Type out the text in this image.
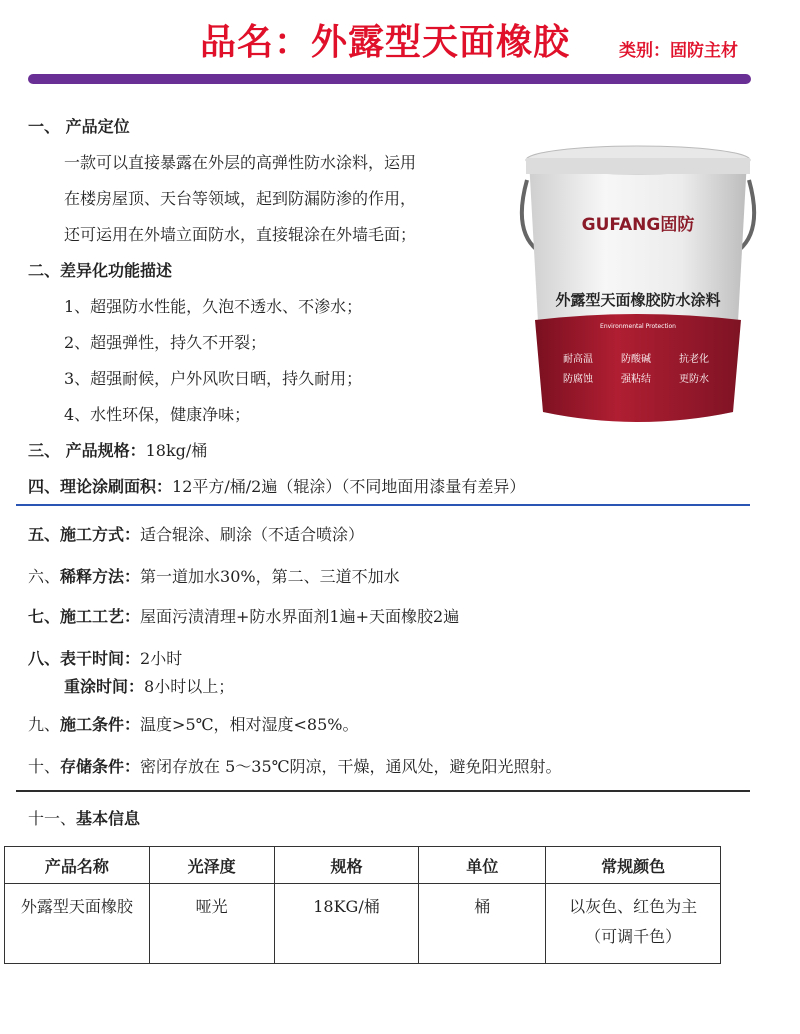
品名：外露型天面橡胶	类别：固防主材
一、 产品定位
一款可以直接暴露在外层的高弹性防水涂料，运用
在楼房屋顶、天台等领域，起到防漏防渗的作用，
还可运用在外墙立面防水，直接辊涂在外墙毛面；
二、差异化功能描述
1、超强防水性能，久泡不透水、不渗水；
2、超强弹性，持久不开裂；
3、超强耐候，户外风吹日晒，持久耐用；
4、水性环保，健康净味；
三、 产品规格：18kg/桶
四、理论涂刷面积：12平方/桶/2遍（辊涂）（不同地面用漆量有差异）
五、施工方式：适合辊涂、刷涂（不适合喷涂）
六、稀释方法：第一道加水30%，第二、三道不加水
七、施工工艺：屋面污渍清理+防水界面剂1遍+天面橡胶2遍
八、表干时间：2小时
重涂时间：8小时以上；
九、施工条件：温度>5℃，相对湿度<85%。
十、存储条件：密闭存放在 5～35℃阴凉，干燥，通风处，避免阳光照射。
十一、基本信息
GUFANG固防
外露型天面橡胶防水涂料
Environmental Protection
耐高温	防酸碱	抗老化
防腐蚀	强粘结	更防水
产品名称	光泽度	规格	单位	常规颜色
外露型天面橡胶	哑光	18KG/桶	桶	以灰色、红色为主
（可调千色）
